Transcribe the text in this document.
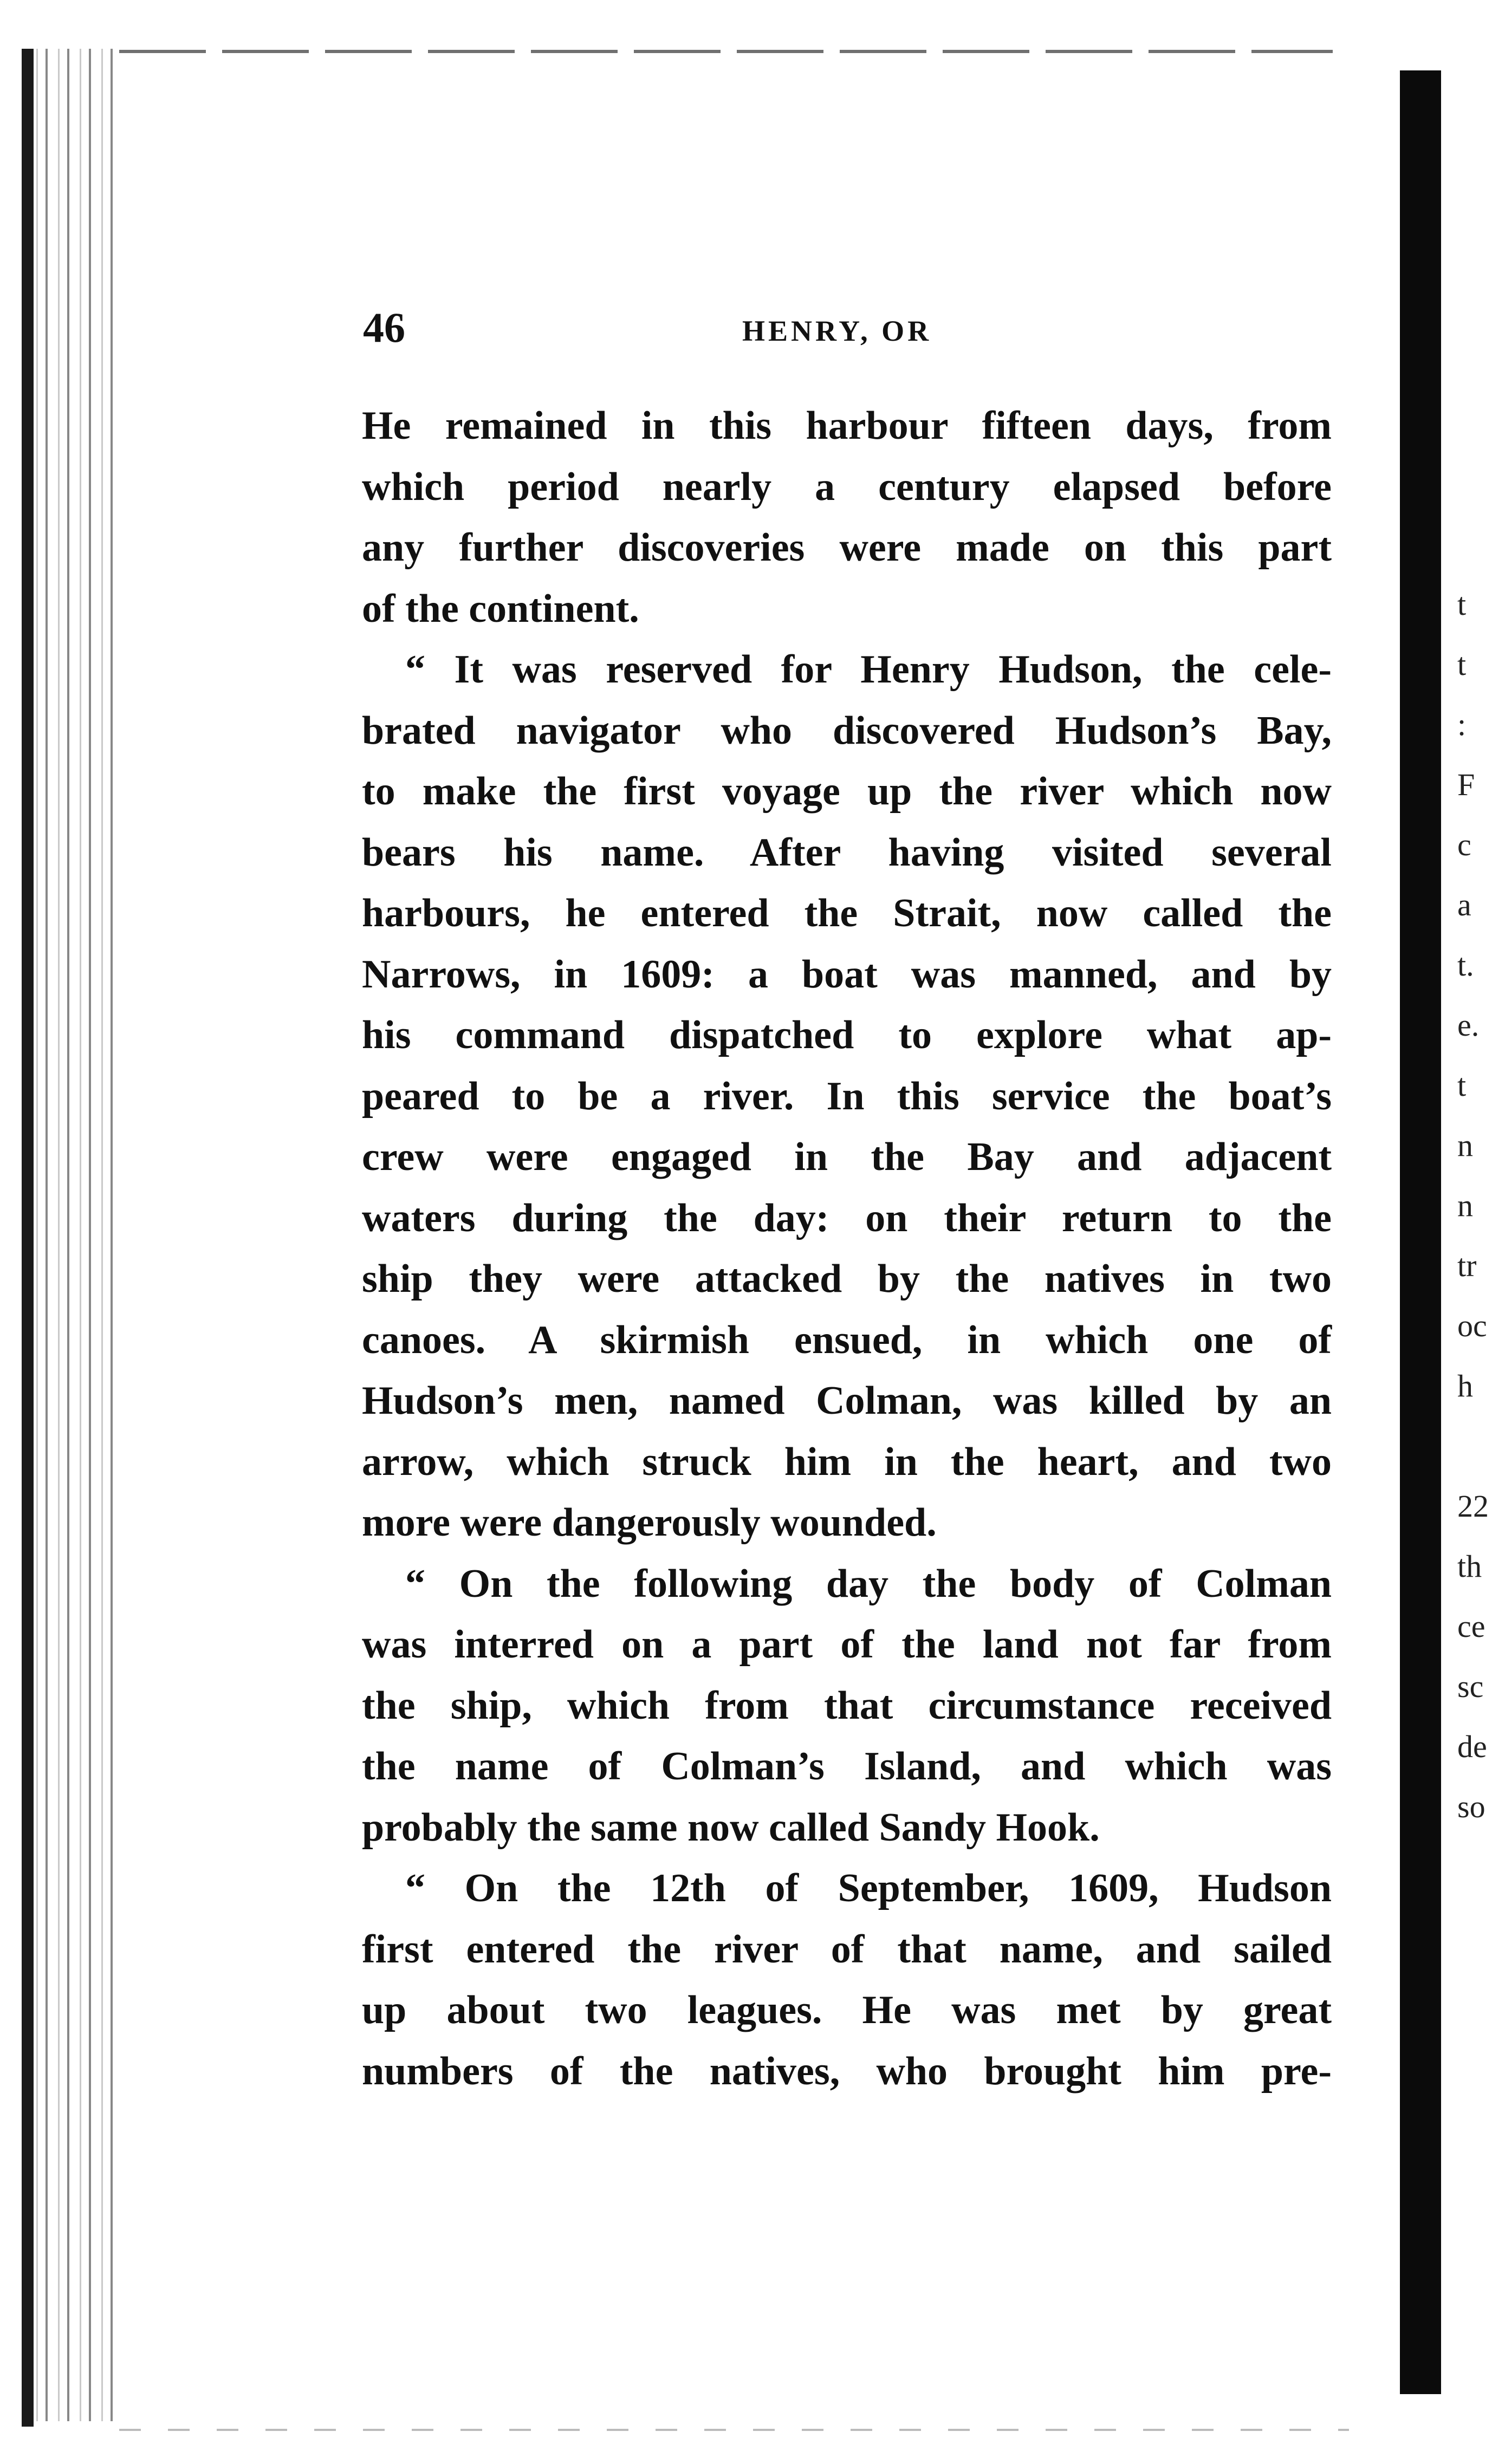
t
t
:
F
c
a
t.
e.
t
n
n
tr
oc
h
22
th
ce
sc
de
so
46	HENRY, OR
He remained in this harbour fifteen days, from
which period nearly a century elapsed before
any further discoveries were made on this part
of the continent.
“ It was reserved for Henry Hudson, the cele-
brated navigator who discovered Hudson’s Bay,
to make the first voyage up the river which now
bears his name. After having visited several
harbours, he entered the Strait, now called the
Narrows, in 1609: a boat was manned, and by
his command dispatched to explore what ap-
peared to be a river. In this service the boat’s
crew were engaged in the Bay and adjacent
waters during the day: on their return to the
ship they were attacked by the natives in two
canoes. A skirmish ensued, in which one of
Hudson’s men, named Colman, was killed by an
arrow, which struck him in the heart, and two
more were dangerously wounded.
“ On the following day the body of Colman
was interred on a part of the land not far from
the ship, which from that circumstance received
the name of Colman’s Island, and which was
probably the same now called Sandy Hook.
“ On the 12th of September, 1609, Hudson
first entered the river of that name, and sailed
up about two leagues. He was met by great
numbers of the natives, who brought him pre-
